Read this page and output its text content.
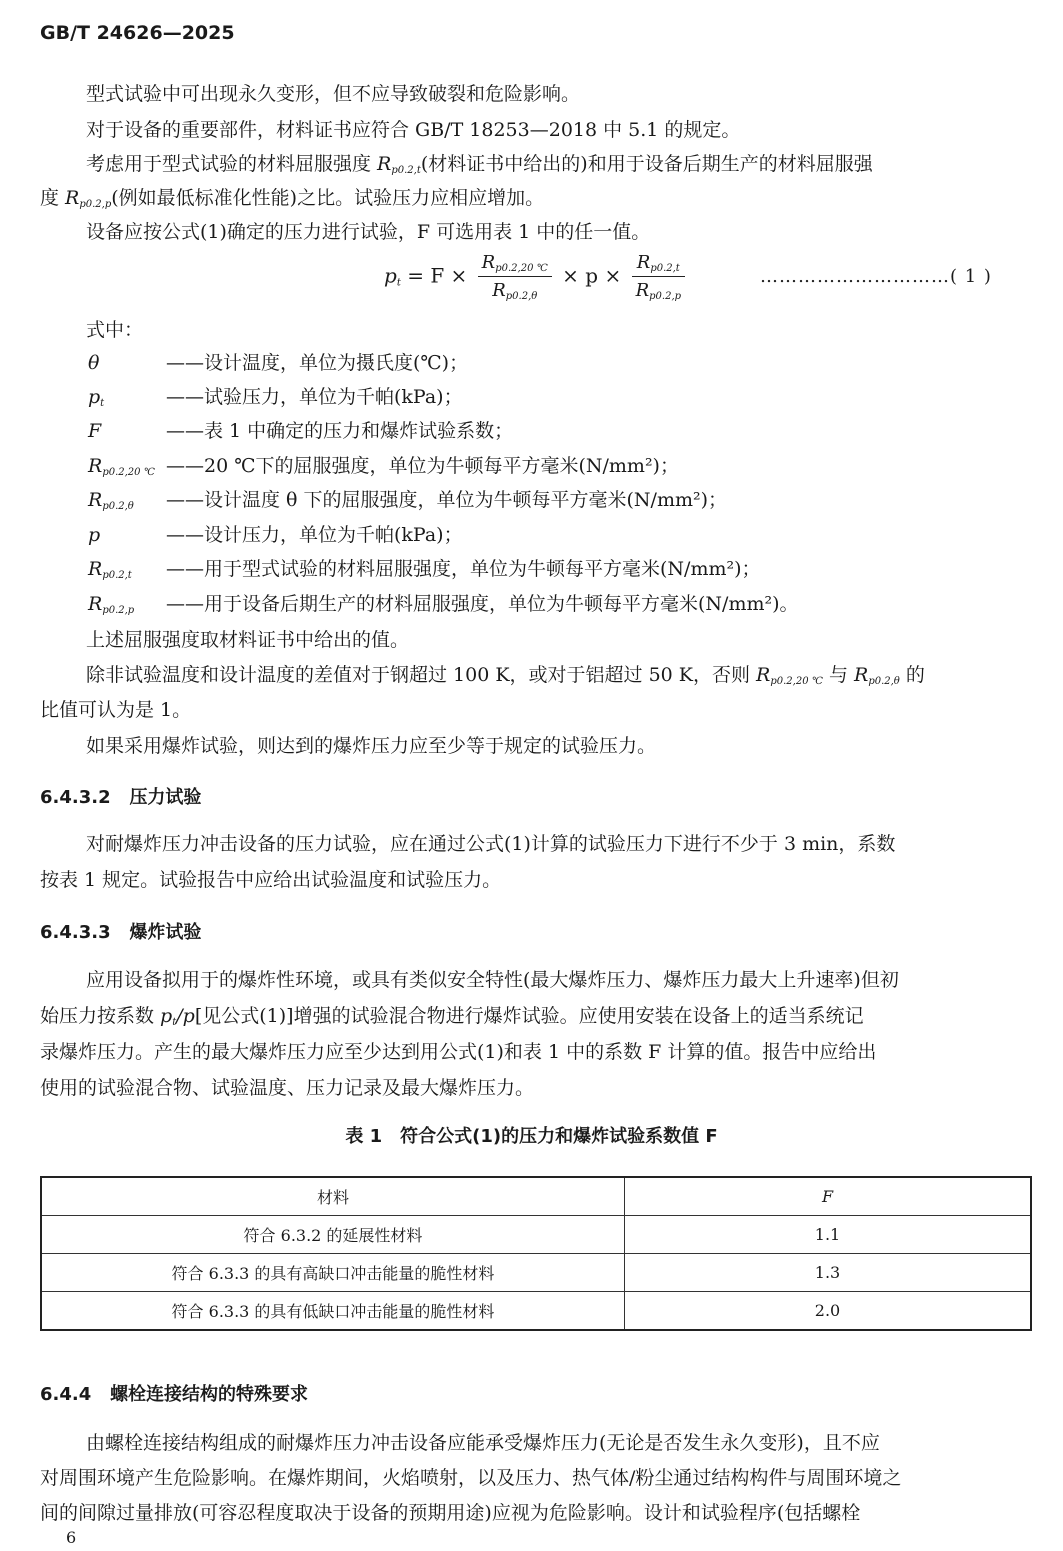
GB/T 24626—2025
型式试验中可出现永久变形，但不应导致破裂和危险影响。
对于设备的重要部件，材料证书应符合 GB/T 18253—2018 中 5.1 的规定。
考虑用于型式试验的材料屈服强度 $R_{p0.2,t}$(材料证书中给出的)和用于设备后期生产的材料屈服强
度 $R_{p0.2,p}$(例如最低标准化性能)之比。试验压力应相应增加。
设备应按公式(1)确定的压力进行试验，F 可选用表 1 中的任一值。
$p_t = F \times \frac{R_{p0.2,20 ℃}}{R_{p0.2,\theta}} \times p \times \frac{R_{p0.2,t}}{R_{p0.2,p}}$	…………………………( 1 )
式中：
θ	——设计温度，单位为摄氏度(℃)；
$p_t$	——试验压力，单位为千帕(kPa)；
F	——表 1 中确定的压力和爆炸试验系数；
$R_{p0.2,20 ℃}$ ——20 ℃下的屈服强度，单位为牛顿每平方毫米(N/mm²)；
$R_{p0.2,\theta}$ ——设计温度 θ 下的屈服强度，单位为牛顿每平方毫米(N/mm²)；
p	——设计压力，单位为千帕(kPa)；
$R_{p0.2,t}$ ——用于型式试验的材料屈服强度，单位为牛顿每平方毫米(N/mm²)；
$R_{p0.2,p}$ ——用于设备后期生产的材料屈服强度，单位为牛顿每平方毫米(N/mm²)。
上述屈服强度取材料证书中给出的值。
除非试验温度和设计温度的差值对于钢超过 100 K，或对于铝超过 50 K，否则 $R_{p0.2,20 ℃}$ 与 $R_{p0.2,\theta}$ 的
比值可认为是 1。
如果采用爆炸试验，则达到的爆炸压力应至少等于规定的试验压力。
6.4.3.2 压力试验
对耐爆炸压力冲击设备的压力试验，应在通过公式(1)计算的试验压力下进行不少于 3 min，系数
按表 1 规定。试验报告中应给出试验温度和试验压力。
6.4.3.3 爆炸试验
应用设备拟用于的爆炸性环境，或具有类似安全特性(最大爆炸压力、爆炸压力最大上升速率)但初
始压力按系数 $p_t/p$[见公式(1)]增强的试验混合物进行爆炸试验。应使用安装在设备上的适当系统记
录爆炸压力。产生的最大爆炸压力应至少达到用公式(1)和表 1 中的系数 F 计算的值。报告中应给出
使用的试验混合物、试验温度、压力记录及最大爆炸压力。
表 1　符合公式(1)的压力和爆炸试验系数值 F
材料	F
符合 6.3.2 的延展性材料	1.1
符合 6.3.3 的具有高缺口冲击能量的脆性材料	1.3
符合 6.3.3 的具有低缺口冲击能量的脆性材料	2.0
6.4.4 螺栓连接结构的特殊要求
由螺栓连接结构组成的耐爆炸压力冲击设备应能承受爆炸压力(无论是否发生永久变形)，且不应
对周围环境产生危险影响。在爆炸期间，火焰喷射，以及压力、热气体/粉尘通过结构构件与周围环境之
间的间隙过量排放(可容忍程度取决于设备的预期用途)应视为危险影响。设计和试验程序(包括螺栓
6
